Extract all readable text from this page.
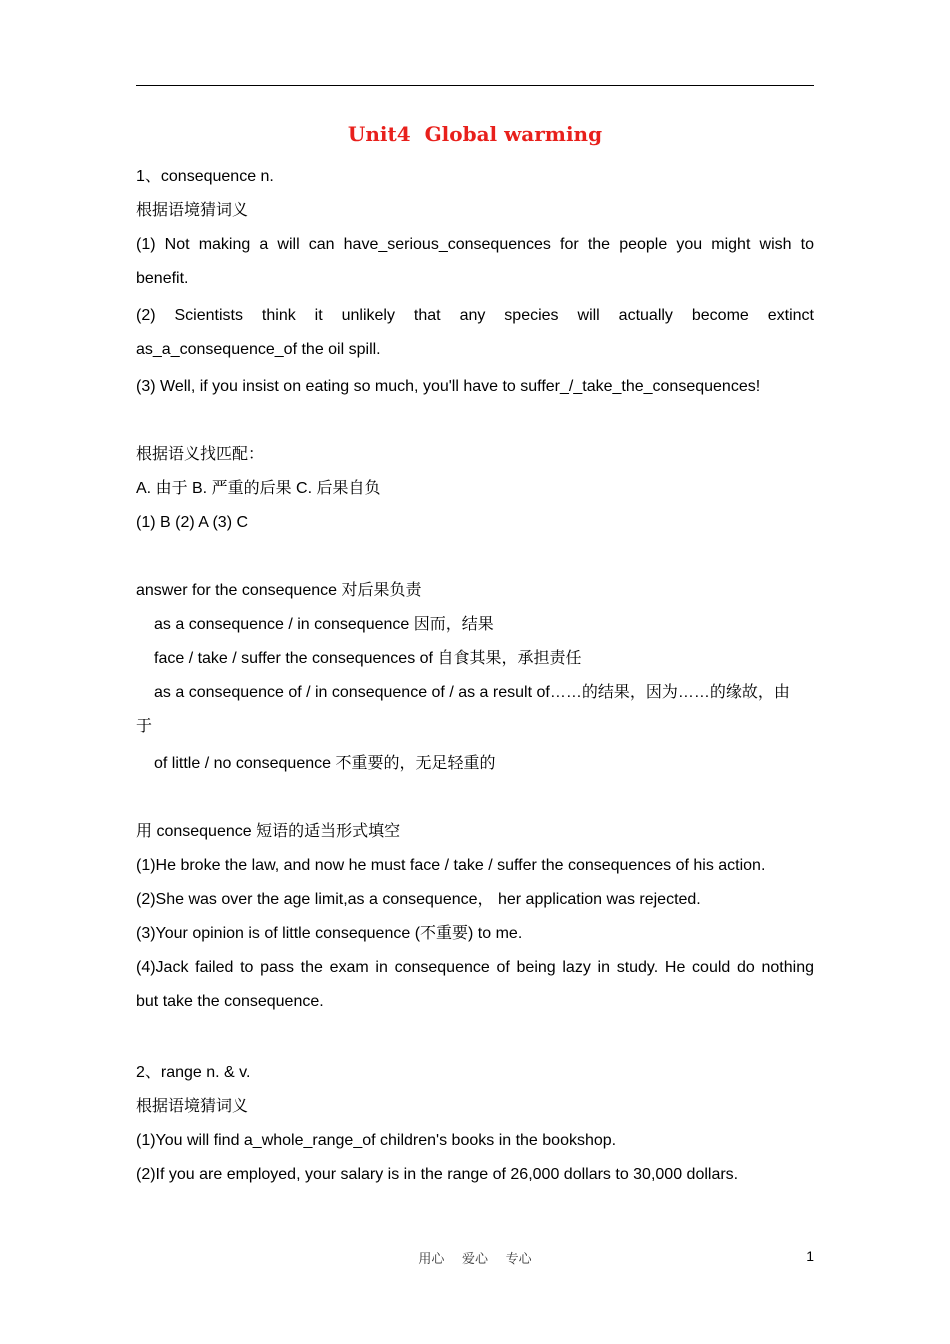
Unit4  Global warming
1、consequence n.
根据语境猜词义
(1) Not making a will can have_serious_consequences for the people you might wish to
benefit.
(2) Scientists think it unlikely that any species will actually become extinct
as_a_consequence_of the oil spill.
(3) Well, if you insist on eating so much, you'll have to suffer_/_take_the_consequences!
根据语义找匹配：
A. 由于 B. 严重的后果 C. 后果自负
(1) B (2) A (3) C
answer for the consequence 对后果负责
as a consequence / in consequence 因而，结果
face / take / suffer the consequences of 自食其果，承担责任
as a consequence of / in consequence of / as a result of……的结果，因为……的缘故，由
于
of little / no consequence 不重要的，无足轻重的
用 consequence 短语的适当形式填空
(1)He broke the law, and now he must face / take / suffer the consequences of his action.
(2)She was over the age limit,as a consequence， her application was rejected.
(3)Your opinion is of little consequence (不重要) to me.
(4)Jack failed to pass the exam in consequence of being lazy in study. He could do nothing
but take the consequence.
2、range n. & v.
根据语境猜词义
(1)You will find a_whole_range_of children's books in the bookshop.
(2)If you are employed, your salary is in the range of 26,000 dollars to 30,000 dollars.
用心 爱心 专心	1
